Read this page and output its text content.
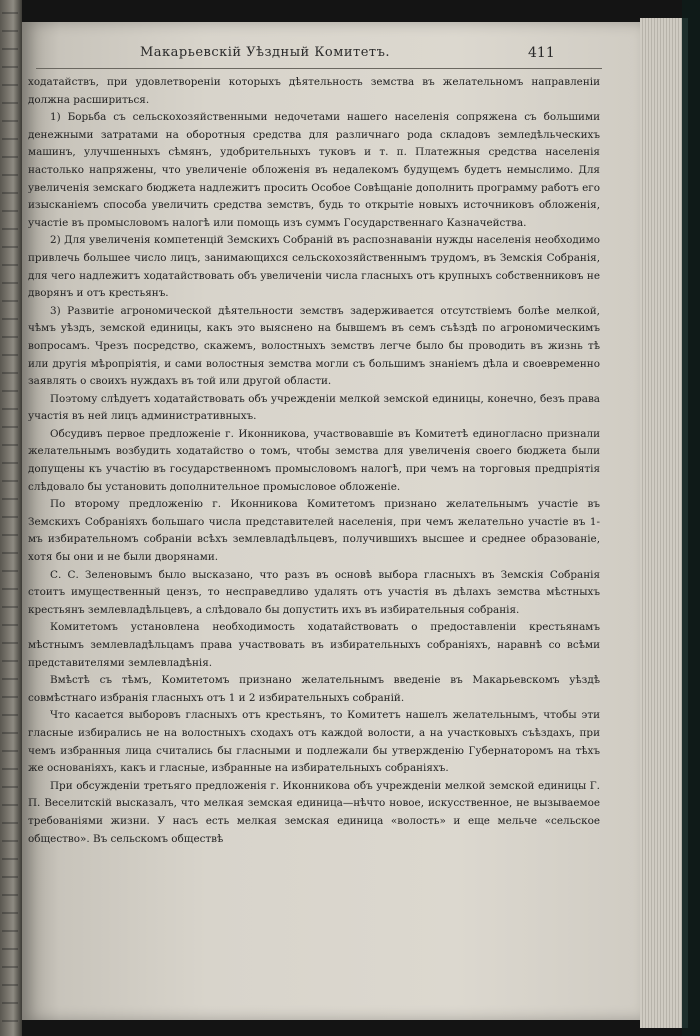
Макарьевскій Уѣздный Комитетъ.	411

ходатайствъ, при удовлетвореніи которыхъ дѣятельность земства въ желательномъ направленіи должна расшириться.

1) Борьба съ сельскохозяйственными недочетами нашего населенія сопряжена съ большими денежными затратами на оборотныя средства для различнаго рода складовъ земледѣльческихъ машинъ, улучшенныхъ сѣмянъ, удобрительныхъ туковъ и т. п. Платежныя средства населенія настолько напряжены, что увеличеніе обложенія въ недалекомъ будущемъ будетъ немыслимо. Для увеличенія земскаго бюджета надлежитъ просить Особое Совѣщаніе дополнить программу работъ его изысканіемъ способа увеличить средства земствъ, будь то открытіе новыхъ источниковъ обложенія, участіе въ промысловомъ налогѣ или помощь изъ суммъ Государственнаго Казначейства.

2) Для увеличенія компетенцій Земскихъ Собраній въ распознаваніи нужды населенія необходимо привлечь большее число лицъ, занимающихся сельскохозяйственнымъ трудомъ, въ Земскія Собранія, для чего надлежитъ ходатайствовать объ увеличеніи числа гласныхъ отъ крупныхъ собственниковъ не дворянъ и отъ крестьянъ.

3) Развитіе агрономической дѣятельности земствъ задерживается отсутствіемъ болѣе мелкой, чѣмъ уѣздъ, земской единицы, какъ это выяснено на бывшемъ въ семъ съѣздѣ по агрономическимъ вопросамъ. Чрезъ посредство, скажемъ, волостныхъ земствъ легче было бы проводить въ жизнь тѣ или другія мѣропріятія, и сами волостныя земства могли съ большимъ знаніемъ дѣла и своевременно заявлять о своихъ нуждахъ въ той или другой области.

Поэтому слѣдуетъ ходатайствовать объ учрежденіи мелкой земской единицы, конечно, безъ права участія въ ней лицъ административныхъ.

Обсудивъ первое предложеніе г. Иконникова, участвовавшіе въ Комитетѣ единогласно признали желательнымъ возбудить ходатайство о томъ, чтобы земства для увеличенія своего бюджета были допущены къ участію въ государственномъ промысловомъ налогѣ, при чемъ на торговыя предпріятія слѣдовало бы установить дополнительное промысловое обложеніе.

По второму предложенію г. Иконникова Комитетомъ признано желательнымъ участіе въ Земскихъ Собраніяхъ большаго числа представителей населенія, при чемъ желательно участіе въ 1-мъ избирательномъ собраніи всѣхъ землевладѣльцевъ, получившихъ высшее и среднее образованіе, хотя бы они и не были дворянами.

С. С. Зеленовымъ было высказано, что разъ въ основѣ выбора гласныхъ въ Земскія Собранія стоитъ имущественный цензъ, то несправедливо удалять отъ участія въ дѣлахъ земства мѣстныхъ крестьянъ землевладѣльцевъ, а слѣдовало бы допустить ихъ въ избирательныя собранія.

Комитетомъ установлена необходимость ходатайствовать о предоставленіи крестьянамъ мѣстнымъ землевладѣльцамъ права участвовать въ избирательныхъ собраніяхъ, наравнѣ со всѣми представителями землевладѣнія.

Вмѣстѣ съ тѣмъ, Комитетомъ признано желательнымъ введеніе въ Макарьевскомъ уѣздѣ совмѣстнаго избранія гласныхъ отъ 1 и 2 избирательныхъ собраній.

Что касается выборовъ гласныхъ отъ крестьянъ, то Комитетъ нашелъ желательнымъ, чтобы эти гласные избирались не на волостныхъ сходахъ отъ каждой волости, а на участковыхъ съѣздахъ, при чемъ избранныя лица считались бы гласными и подлежали бы утвержденію Губернаторомъ на тѣхъ же основаніяхъ, какъ и гласные, избранные на избирательныхъ собраніяхъ.

При обсужденіи третьяго предложенія г. Иконникова объ учрежденіи мелкой земской единицы Г. П. Веселитскій высказалъ, что мелкая земская единица—нѣчто новое, искусственное, не вызываемое требованіями жизни. У насъ есть мелкая земская единица «волость» и еще мельче «сельское общество». Въ сельскомъ обществѣ
